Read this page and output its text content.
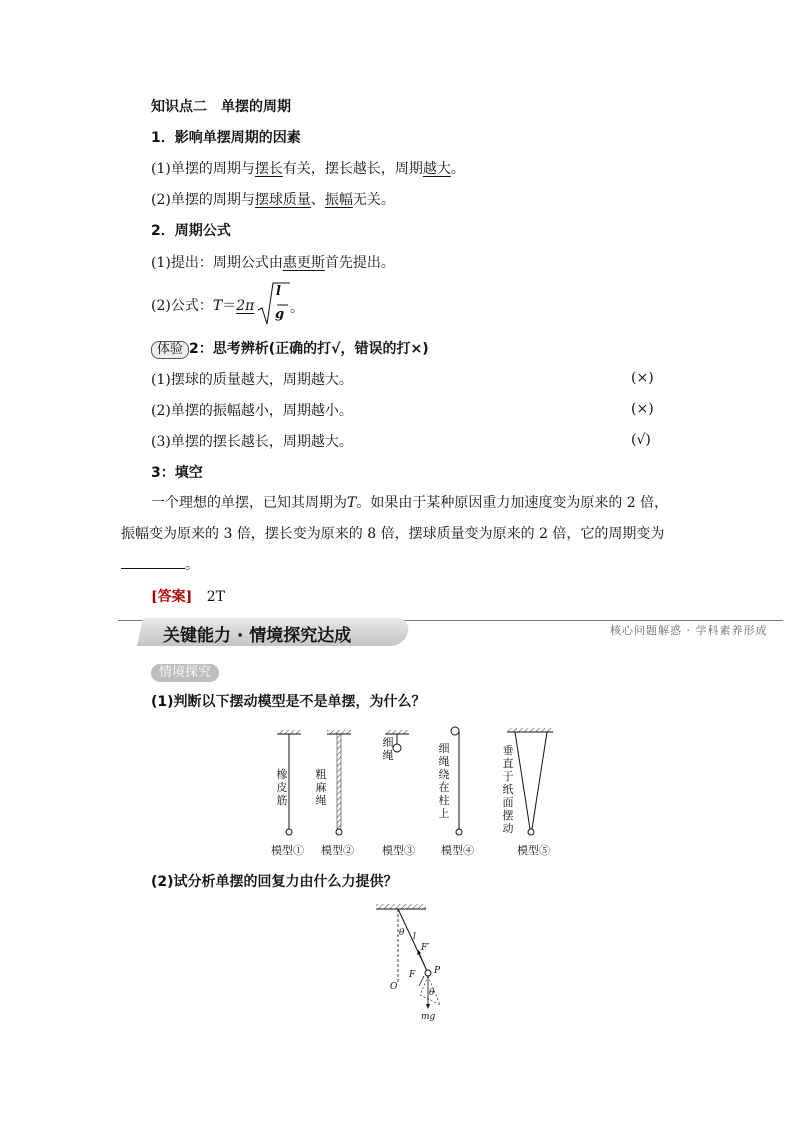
知识点二　单摆的周期
1．影响单摆周期的因素
(1)单摆的周期与摆长有关，摆长越长，周期越大。
(2)单摆的周期与摆球质量、振幅无关。
2．周期公式
(1)提出：周期公式由惠更斯首先提出。
(2)公式：T＝2π
l
g 。
体验 2：思考辨析(正确的打√，错误的打×)
(1)摆球的质量越大，周期越大。	(×)
(2)单摆的振幅越小，周期越小。	(×)
(3)单摆的摆长越长，周期越大。	(√)
3：填空
一个理想的单摆，已知其周期为T。如果由于某种原因重力加速度变为原来的 2 倍，振幅变为原来的 3 倍，摆长变为原来的 8 倍，摆球质量变为原来的 2 倍，它的周期变为。
[答案] 2T
关键能力 · 情境探究达成	核心问题解惑 · 学科素养形成
情境探究
(1)判断以下摆动模型是不是单摆，为什么？
橡皮筋
粗麻绳
细绳
细绳绕在柱上
垂直于纸面摆动
模型① 模型②	模型③ 模型④	模型⑤
(2)试分析单摆的回复力由什么力提供？
θ l
F′
F P
O
θ
mg
